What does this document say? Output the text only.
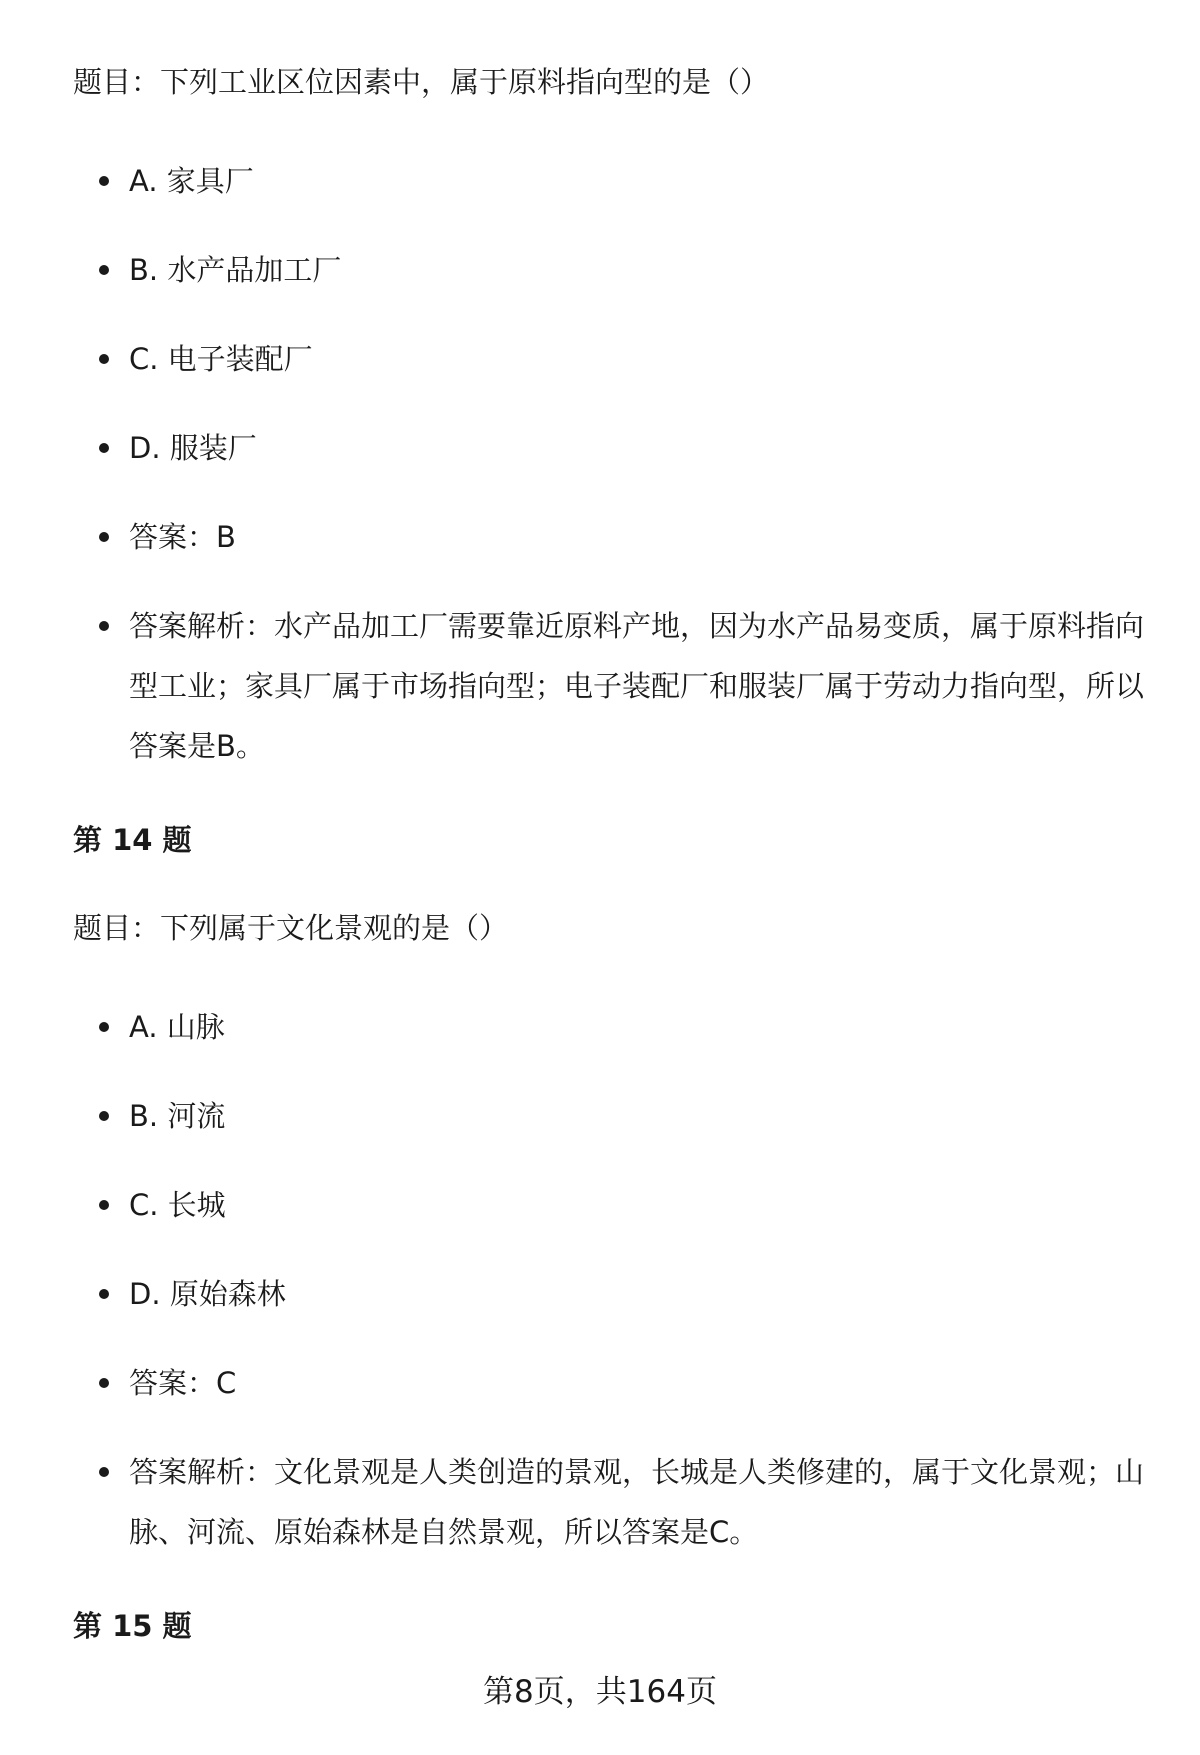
题目：下列工业区位因素中，属于原料指向型的是（）
A. 家具厂
B. 水产品加工厂
C. 电子装配厂
D. 服装厂
答案：B
答案解析：水产品加工厂需要靠近原料产地，因为水产品易变质，属于原料指向型工业；家具厂属于市场指向型；电子装配厂和服装厂属于劳动力指向型，所以答案是B。
第 14 题
题目：下列属于文化景观的是（）
A. 山脉
B. 河流
C. 长城
D. 原始森林
答案：C
答案解析：文化景观是人类创造的景观，长城是人类修建的，属于文化景观；山脉、河流、原始森林是自然景观，所以答案是C。
第 15 题
第8页，共164页
